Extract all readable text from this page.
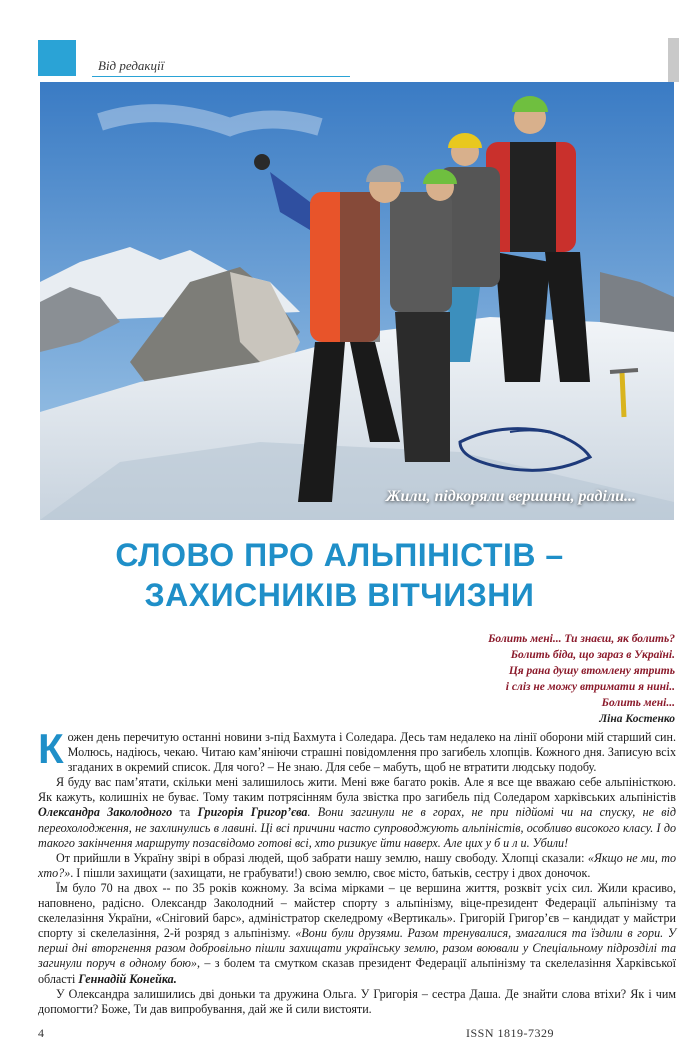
Від редакції
Жили, підкоряли вершини, раділи...
СЛОВО ПРО АЛЬПІНІСТІВ –
ЗАХИСНИКІВ ВІТЧИЗНИ
Болить мені... Ти знаєш, як болить?
Болить біда, що зараз в Україні.
Ця рана душу втомлену ятрить
і сліз не можу втримати я нині..
Болить мені...
Ліна Костенко

Кожен день перечитую останні новини з-під Бахмута і Соледара. Десь там недалеко на лінії оборони мій старший син. Молюсь, надіюсь, чекаю. Читаю кам’яніючи страшні повідомлення про загибель хлопців. Кожного дня. Записую всіх згаданих в окремий список. Для чого? – Не знаю. Для себе – мабуть, щоб не втратити людську подобу.

Я буду вас пам’ятати, скільки мені залишилось жити. Мені вже багато років. Але я все ще вважаю себе альпіністкою. Як кажуть, колишніх не буває. Тому таким потрясінням була звістка про загибель під Соледаром харківських альпіністів Олександра Заколодного та Григорія Григор’єва. Вони загинули не в горах, не при підйомі чи на спуску, не від переохолодження, не захлинулись в лавині. Ці всі причини часто супроводжують альпіністів, особливо високого класу. І до такого закінчення маршруту позасвідомо готові всі, хто ризикує йти наверх. Але цих у б и л и. Убили!

От прийшли в Україну звірі в образі людей, щоб забрати нашу землю, нашу свободу. Хлопці сказали: «Якщо не ми, то хто?». І пішли захищати (захищати, не грабувати!) свою землю, своє місто, батьків, сестру і двох доночок.

Їм було 70 на двох -- по 35 років кожному. За всіма мірками – це вершина життя, розквіт усіх сил. Жили красиво, наповнено, радісно. Олександр Заколодний – майстер спорту з альпінізму, віце-президент Федерації альпінізму та скелелазіння України, «Сніговий барс», адміністратор скеледрому «Вертикаль». Григорій Григор’єв – кандидат у майстри спорту зі скелелазіння, 2-й розряд з альпінізму. «Вони були друзями. Разом тренувалися, змагалися та їздили в гори. У перші дні вторгнення разом добровільно пішли захищати українську землю, разом воювали у Спеціальному підрозділі та загинули поруч в одному бою», – з болем та смутком сказав президент Федерації альпінізму та скелелазіння Харківської області Геннадій Конейка.

У Олександра залишились дві доньки та дружина Ольга. У Григорія – сестра Даша. Де знайти слова втіхи? Як і чим допомогти? Боже, Ти дав випробування, дай же й сили вистояти.

4	ISSN 1819-7329
